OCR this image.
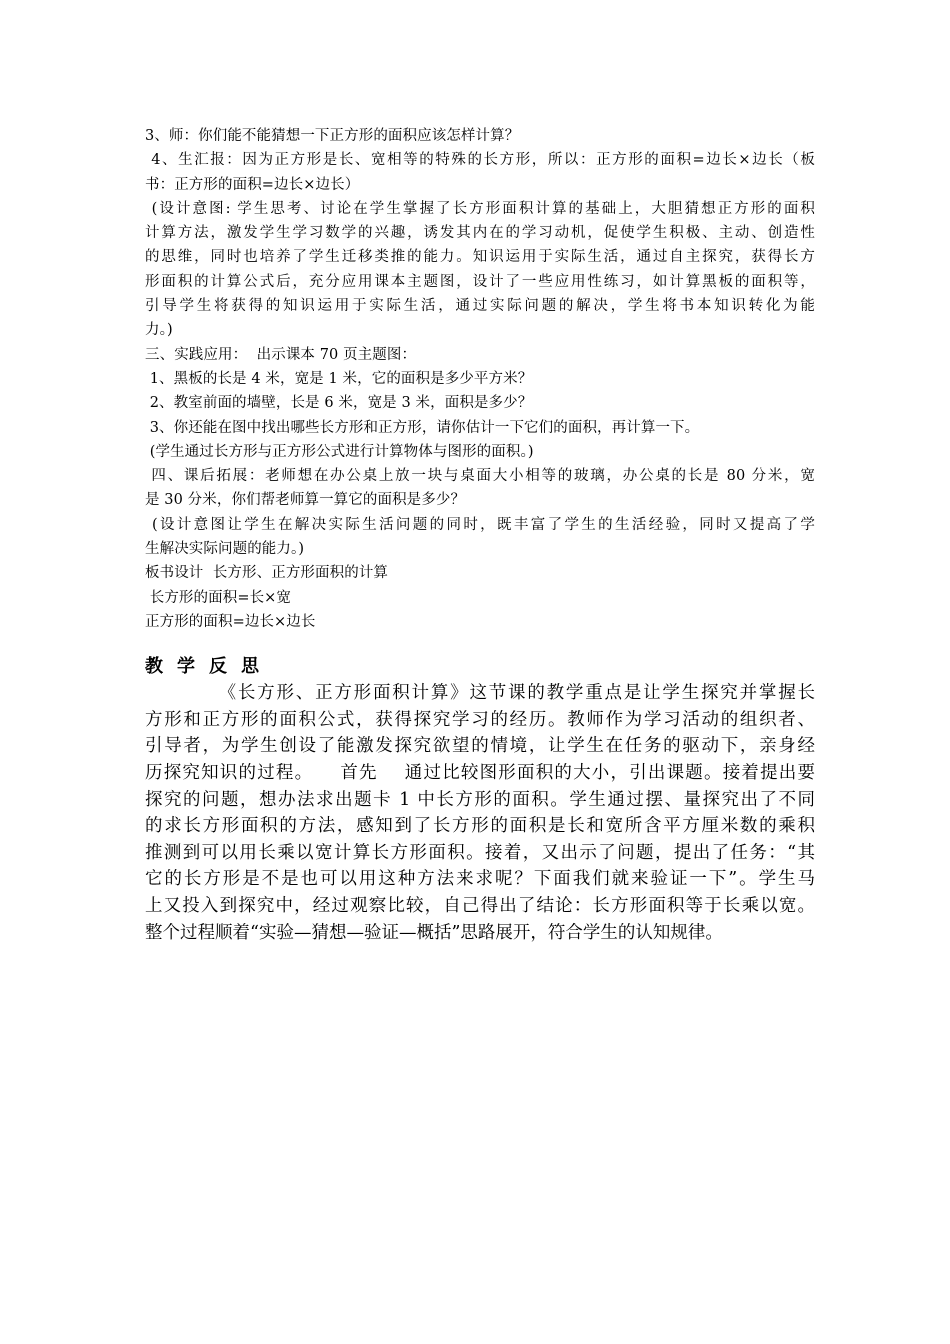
3、师：你们能不能猜想一下正方形的面积应该怎样计算？
4、生汇报：因为正方形是长、宽相等的特殊的长方形，所以：正方形的面积=边长×边长（板
书：正方形的面积=边长×边长）
(设计意图: 学生思考、讨论在学生掌握了长方形面积计算的基础上，大胆猜想正方形的面积
计算方法，激发学生学习数学的兴趣，诱发其内在的学习动机，促使学生积极、主动、创造性
的思维，同时也培养了学生迁移类推的能力。知识运用于实际生活，通过自主探究，获得长方
形面积的计算公式后，充分应用课本主题图，设计了一些应用性练习，如计算黑板的面积等，
引导学生将获得的知识运用于实际生活，通过实际问题的解决，学生将书本知识转化为能
力。)
三、实践应用：  出示课本 70 页主题图：
1、黑板的长是 4 米，宽是 1 米，它的面积是多少平方米？
2、教室前面的墙壁，长是 6 米，宽是 3 米，面积是多少？
3、你还能在图中找出哪些长方形和正方形，请你估计一下它们的面积，再计算一下。
(学生通过长方形与正方形公式进行计算物体与图形的面积。)
四、课后拓展：老师想在办公桌上放一块与桌面大小相等的玻璃，办公桌的长是 80 分米，宽
是 30 分米，你们帮老师算一算它的面积是多少？
(设计意图让学生在解决实际生活问题的同时，既丰富了学生的生活经验，同时又提高了学
生解决实际问题的能力。)
板书设计  长方形、正方形面积的计算
长方形的面积=长×宽
正方形的面积=边长×边长
教学反思
《长方形、正方形面积计算》这节课的教学重点是让学生探究并掌握长
方形和正方形的面积公式，获得探究学习的经历。教师作为学习活动的组织者、
引导者，为学生创设了能激发探究欲望的情境，让学生在任务的驱动下，亲身经
历探究知识的过程。    首先    通过比较图形面积的大小，引出课题。接着提出要
探究的问题，想办法求出题卡 1 中长方形的面积。学生通过摆、量探究出了不同
的求长方形面积的方法，感知到了长方形的面积是长和宽所含平方厘米数的乘积
推测到可以用长乘以宽计算长方形面积。接着，又出示了问题，提出了任务：“其
它的长方形是不是也可以用这种方法来求呢？下面我们就来验证一下”。学生马
上又投入到探究中，经过观察比较，自己得出了结论：长方形面积等于长乘以宽。
整个过程顺着“实验—猜想—验证—概括”思路展开，符合学生的认知规律。
